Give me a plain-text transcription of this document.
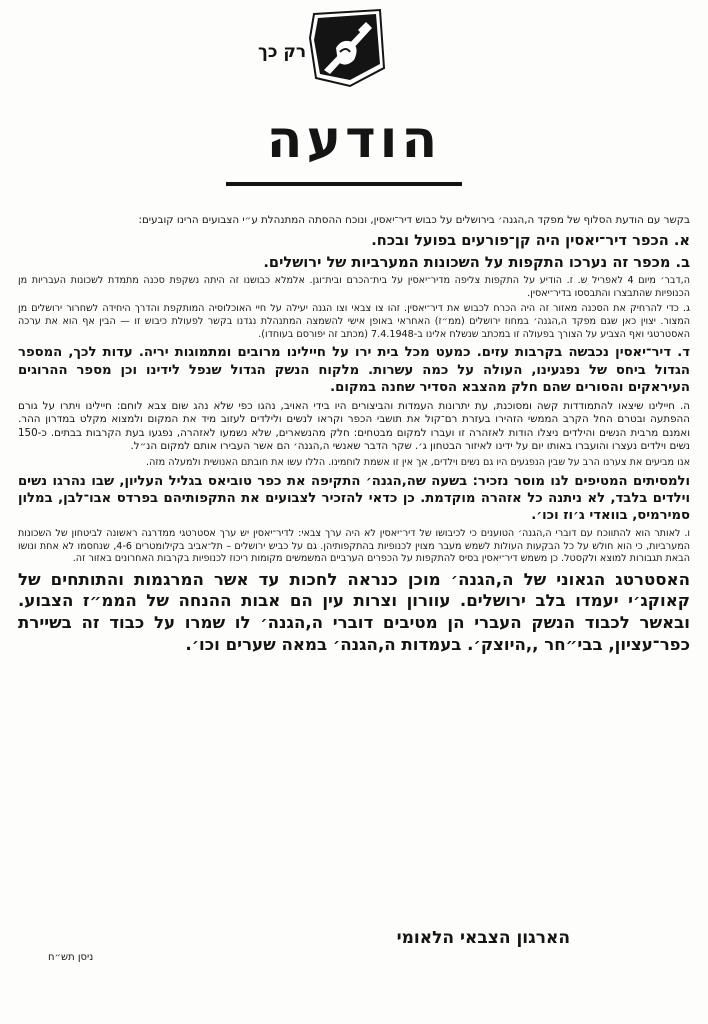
רק כך
הודעה

בקשר עם הודעת הסלוף של מפקד ה,הגנה׳ בירושלים על כבוש דיר־יאסין, ונוכח ההסתה המתנהלת ע״י הצבועים הרינו קובעים:

א. הכפר דיר־יאסין היה קן־פורעים בפועל ובכח.

ב. מכפר זה נערכו התקפות על השכונות המערביות של ירושלים.

ה,דבר׳ מיום 4 לאפריל ש. ז. הודיע על התקפות צליפה מדיר־יאסין על בית־הכרם ובית־וגן. אלמלא כבושנו זה היתה נשקפת סכנה מתמדת לשכונות העבריות מן הכנופיות שהתבצרו והתבססו בדיר־יאסין.

ג. כדי להרחיק את הסכנה מאזור זה היה הכרח לכבוש את דיר־יאסין. זהו צו צבאי וצו הגנה יעילה על חיי האוכלוסיה המותקפת והדרך היחידה לשחרור ירושלים מן המצור. יצוין כאן שגם מפקד ה,הגנה׳ במחוז ירושלים (ממ״ז) האחראי באופן אישי להשמצה המתנהלת נגדנו בקשר לפעולת כיבוש זו — הבין אף הוא את ערכה האסטרטגי ואף הצביע על הצורך בפעולה זו במכתב שנשלח אלינו ב-7.4.1948 (מכתב זה יפורסם בעוחדו).

ד. דיר־יאסין נכבשה בקרבות עזים. כמעט מכל בית ירו על חיילינו מרובים ומתמוגות יריה. עדות לכך, המספר הגדול ביחס של נפגעינו, העולה על כמה עשרות. מלקוח הנשק הגדול שנפל לידינו וכן מספר ההרוגים העיראקים והסורים שהם חלק מהצבא הסדיר שחנה במקום.

ה. חיילינו שיצאו להתמודדות קשה ומסוכנת, עת יתרונות העמדות והביצורים היו בידי האויב, נהגו כפי שלא נהג שום צבא לוחם: חיילינו ויתרו על גורם ההפתעה ובטרם החל הקרב הממשי הזהירו בעזרת רם־קול את תושבי הכפר וקראו לנשים ולילדים לעזוב מיד את המקום ולמצוא מקלט במדרון ההר. ואמנם מרבית הנשים והילדים ניצלו הודות לאזהרה זו ועברו למקום מבטחים: חלק מהנשארים, שלא נשמעו לאזהרה, נפגעו בעת הקרבות בבתים. כ-150 נשים וילדים נעצרו והועברו באותו יום על ידינו לאיזור הבטחון ג׳. שקר הדבר שאנשי ה,הגנה׳ הם אשר העבירו אותם למקום הנ״ל.

אנו מביעים את צערנו הרב על שבין הנפגעים היו גם נשים וילדים, אך אין זו אשמת לוחמינו. הללו עשו את חובתם האנושית ולמעלה מזה.

ולמסיתים המטיפים לנו מוסר נזכיר: בשעה שה,הגנה׳ התקיפה את כפר טוביאס בגליל העליון, שבו נהרגו נשים וילדים בלבד, לא ניתנה כל אזהרה מוקדמת. כן כדאי להזכיר לצבועים את התקפותיהם בפרדס אבו־לבן, במלון סמירמיס, בוואדי ג׳וז וכו׳.

ו. לאותר הוא להתווכח עם דוברי ה,הגנה׳ הטוענים כי לכיבושו של דיר־יאסין לא היה ערך צבאי: לדיר־יאסין יש ערך אסטרטגי ממדרגה ראשונה לביטחון של השכונות המערביות, כי הוא חולש על כל הבקעות העולות לשמש מעבר מצוין לכנופיות בהתקפותיהן. גם על כביש ירושלים – תל־אביב בקילומטרים 4-6, שנחסמו לא אחת ונושו הבאת תגבורות למוצא ולקסטל. כן משמש דיר־יאסין בסיס להתקפות על הכפרים הערביים המשמשים מקומות ריכוז לכנופיות בקרבות האחרונים באזור זה.

האסטרטג הגאוני של ה,הגנה׳ מוכן כנראה לחכות עד אשר המרגמות והתותחים של קאוקג׳י יעמדו בלב ירושלים. עוורון וצרות עין הם אבות ההנחה של הממ״ז הצבוע. ובאשר לכבוד הנשק העברי הן מטיבים דוברי ה,הגנה׳ לו שמרו על כבוד זה בשיירת כפר־עציון, בבי״חר ,,היוצק׳. בעמדות ה,הגנה׳ במאה שערים וכו׳.

הארגון הצבאי הלאומי
ניסן תש״ח
